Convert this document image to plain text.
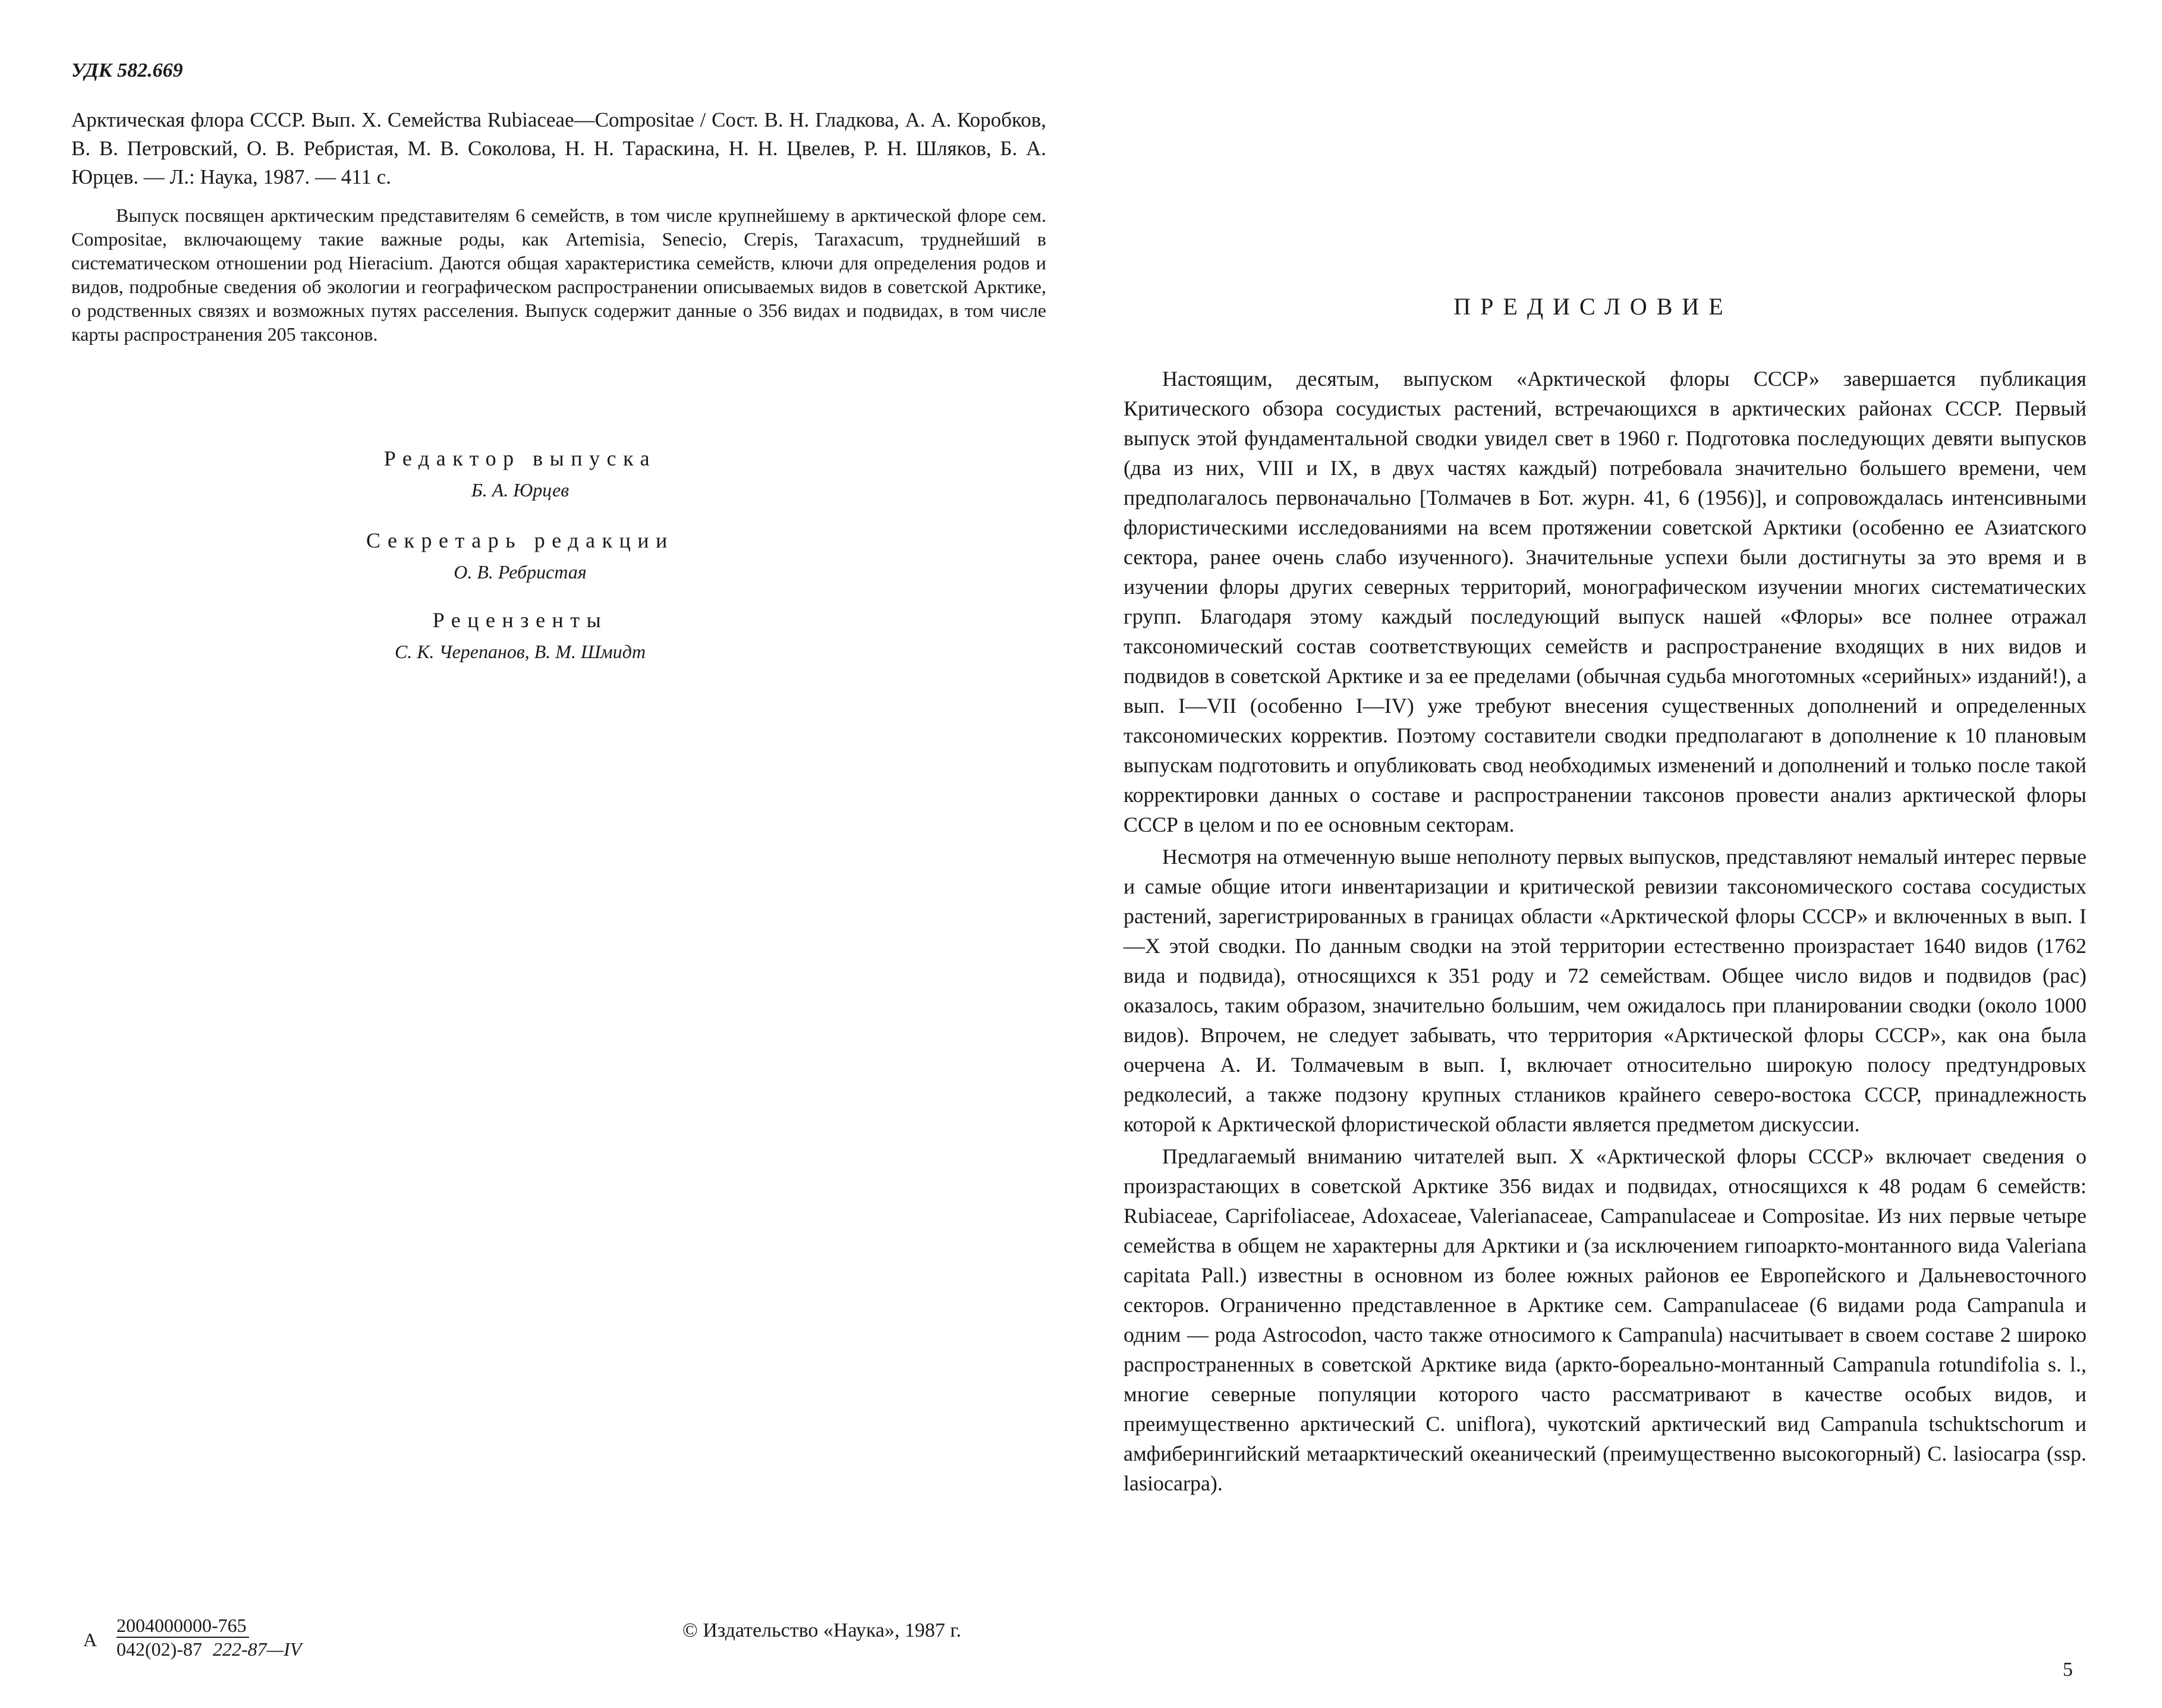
УДК 582.669
Арктическая флора СССР. Вып. X. Семейства Rubiaceae—Compositae / Сост. В. Н. Гладкова, А. А. Коробков, В. В. Петровский, О. В. Ребристая, М. В. Соколова, Н. Н. Тараскина, Н. Н. Цвелев, Р. Н. Шляков, Б. А. Юрцев. — Л.: Наука, 1987. — 411 с.
Выпуск посвящен арктическим представителям 6 семейств, в том числе крупнейшему в арктической флоре сем. Compositae, включающему такие важные роды, как Artemisia, Senecio, Crepis, Taraxacum, труднейший в систематическом отношении род Hieracium. Даются общая характеристика семейств, ключи для определения родов и видов, подробные сведения об экологии и географическом распространении описываемых видов в советской Арктике, о родственных связях и возможных путях расселения. Выпуск содержит данные о 356 видах и подвидах, в том числе карты распространения 205 таксонов.
Редактор выпуска
Б. А. Юрцев
Секретарь редакции
О. В. Ребристая
Рецензенты
С. К. Черепанов, В. М. Шмидт
А
$\frac{2004000000-765}{042(02)-87 222-87—IV}$	© Издательство «Наука», 1987 г.
ПРЕДИСЛОВИЕ

Настоящим, десятым, выпуском «Арктической флоры СССР» завершается публикация Критического обзора сосудистых растений, встречающихся в арктических районах СССР. Первый выпуск этой фундаментальной сводки увидел свет в 1960 г. Подготовка последующих девяти выпусков (два из них, VIII и IX, в двух частях каждый) потребовала значительно большего времени, чем предполагалось первоначально [Толмачев в Бот. журн. 41, 6 (1956)], и сопровождалась интенсивными флористическими исследованиями на всем протяжении советской Арктики (особенно ее Азиатского сектора, ранее очень слабо изученного). Значительные успехи были достигнуты за это время и в изучении флоры других северных территорий, монографическом изучении многих систематических групп. Благодаря этому каждый последующий выпуск нашей «Флоры» все полнее отражал таксономический состав соответствующих семейств и распространение входящих в них видов и подвидов в советской Арктике и за ее пределами (обычная судьба многотомных «серийных» изданий!), а вып. I—VII (особенно I—IV) уже требуют внесения существенных дополнений и определенных таксономических корректив. Поэтому составители сводки предполагают в дополнение к 10 плановым выпускам подготовить и опубликовать свод необходимых изменений и дополнений и только после такой корректировки данных о составе и распространении таксонов провести анализ арктической флоры СССР в целом и по ее основным секторам.

Несмотря на отмеченную выше неполноту первых выпусков, представляют немалый интерес первые и самые общие итоги инвентаризации и критической ревизии таксономического состава сосудистых растений, зарегистрированных в границах области «Арктической флоры СССР» и включенных в вып. I—X этой сводки. По данным сводки на этой территории естественно произрастает 1640 видов (1762 вида и подвида), относящихся к 351 роду и 72 семействам. Общее число видов и подвидов (рас) оказалось, таким образом, значительно большим, чем ожидалось при планировании сводки (около 1000 видов). Впрочем, не следует забывать, что территория «Арктической флоры СССР», как она была очерчена А. И. Толмачевым в вып. I, включает относительно широкую полосу предтундровых редколесий, а также подзону крупных стлаников крайнего северо-востока СССР, принадлежность которой к Арктической флористической области является предметом дискуссии.

Предлагаемый вниманию читателей вып. X «Арктической флоры СССР» включает сведения о произрастающих в советской Арктике 356 видах и подвидах, относящихся к 48 родам 6 семейств: Rubiaceae, Caprifoliaceae, Adoxaceae, Valerianaceae, Campanulaceae и Compositae. Из них первые четыре семейства в общем не характерны для Арктики и (за исключением гипоаркто-монтанного вида Valeriana capitata Pall.) известны в основном из более южных районов ее Европейского и Дальневосточного секторов. Ограниченно представленное в Арктике сем. Campanulaceae (6 видами рода Campanula и одним — рода Astrocodon, часто также относимого к Campanula) насчитывает в своем составе 2 широко распространенных в советской Арктике вида (аркто-бореально-монтанный Campanula rotundifolia s. l., многие северные популяции которого часто рассматривают в качестве особых видов, и преимущественно арктический C. uniflora), чукотский арктический вид Campanula tschuktschorum и амфиберингийский метаарктический океанический (преимущественно высокогорный) C. lasiocarpa (ssp. lasiocarpa).

5
